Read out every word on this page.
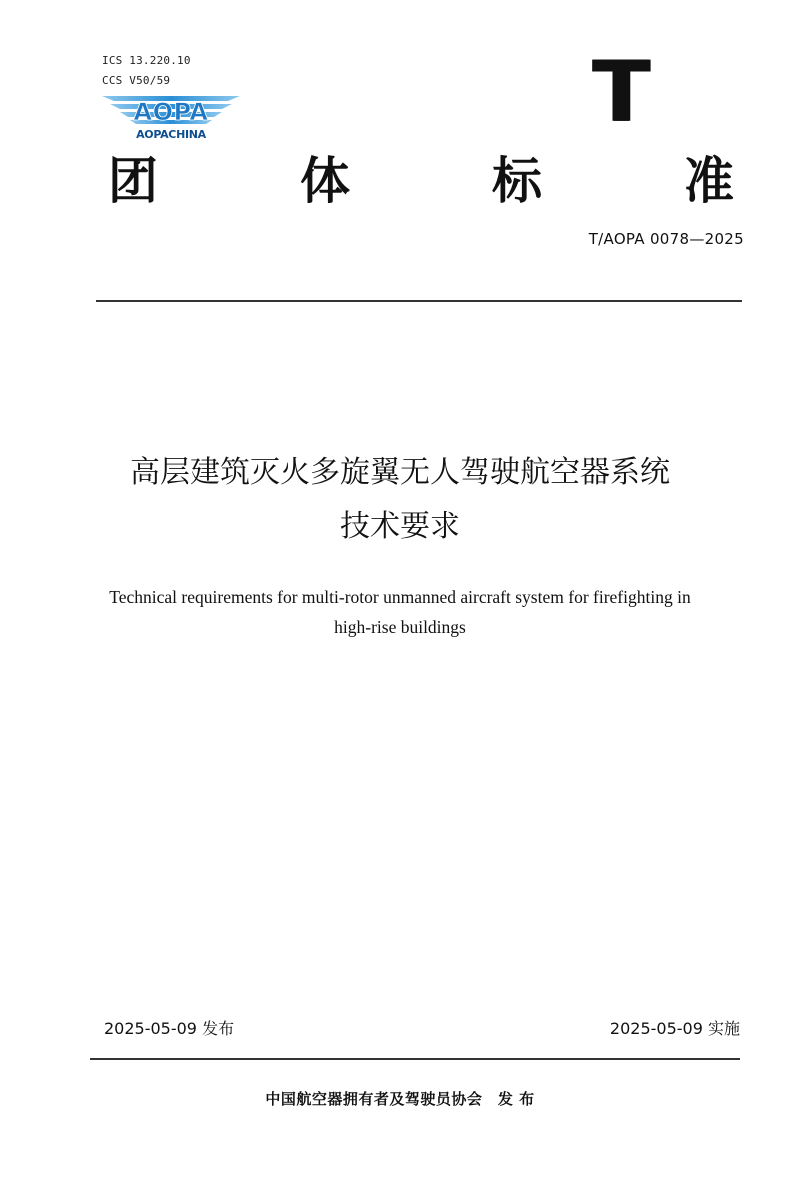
ICS 13.220.10
CCS V50/59
AOPA
AOPACHINA	T
团	体	标	准
T/AOPA 0078—2025
高层建筑灭火多旋翼无人驾驶航空器系统
技术要求
Technical requirements for multi-rotor unmanned aircraft system for firefighting in
high-rise buildings
2025-05-09 发布	2025-05-09 实施
中国航空器拥有者及驾驶员协会　发 布
